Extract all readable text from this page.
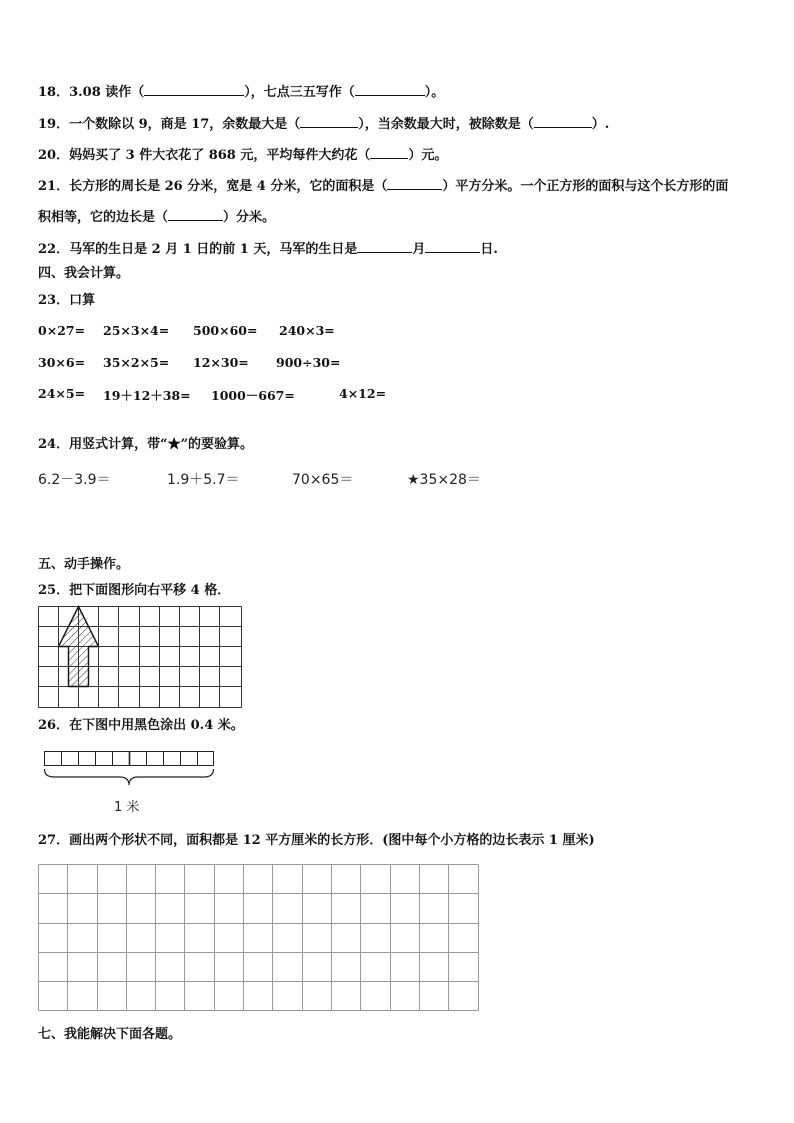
18．3.08 读作（	），七点三五写作（	）。
19．一个数除以 9，商是 17，余数最大是（	），当余数最大时，被除数是（	）.
20．妈妈买了 3 件大衣花了 868 元，平均每件大约花（	）元。
21．长方形的周长是 26 分米，宽是 4 分米，它的面积是（	）平方分米。一个正方形的面积与这个长方形的面
积相等，它的边长是（	）分米。
22．马军的生日是 2 月 1 日的前 1 天，马军的生日是	月	日.
四、我会计算。
23．口算
0×27= 25×3×4= 500×60= 240×3=
30×6= 35×2×5= 12×30= 900÷30=
24×5= 19＋12＋38= 1000－667=	4×12=
24．用竖式计算，带“★”的要验算。
6.2－3.9＝	1.9＋5.7＝	70×65＝	★35×28＝
五、动手操作。
25．把下面图形向右平移 4 格．
26．在下图中用黑色涂出 0.4 米。
1 米
27．画出两个形状不同，面积都是 12 平方厘米的长方形．(图中每个小方格的边长表示 1 厘米)
七、我能解决下面各题。
